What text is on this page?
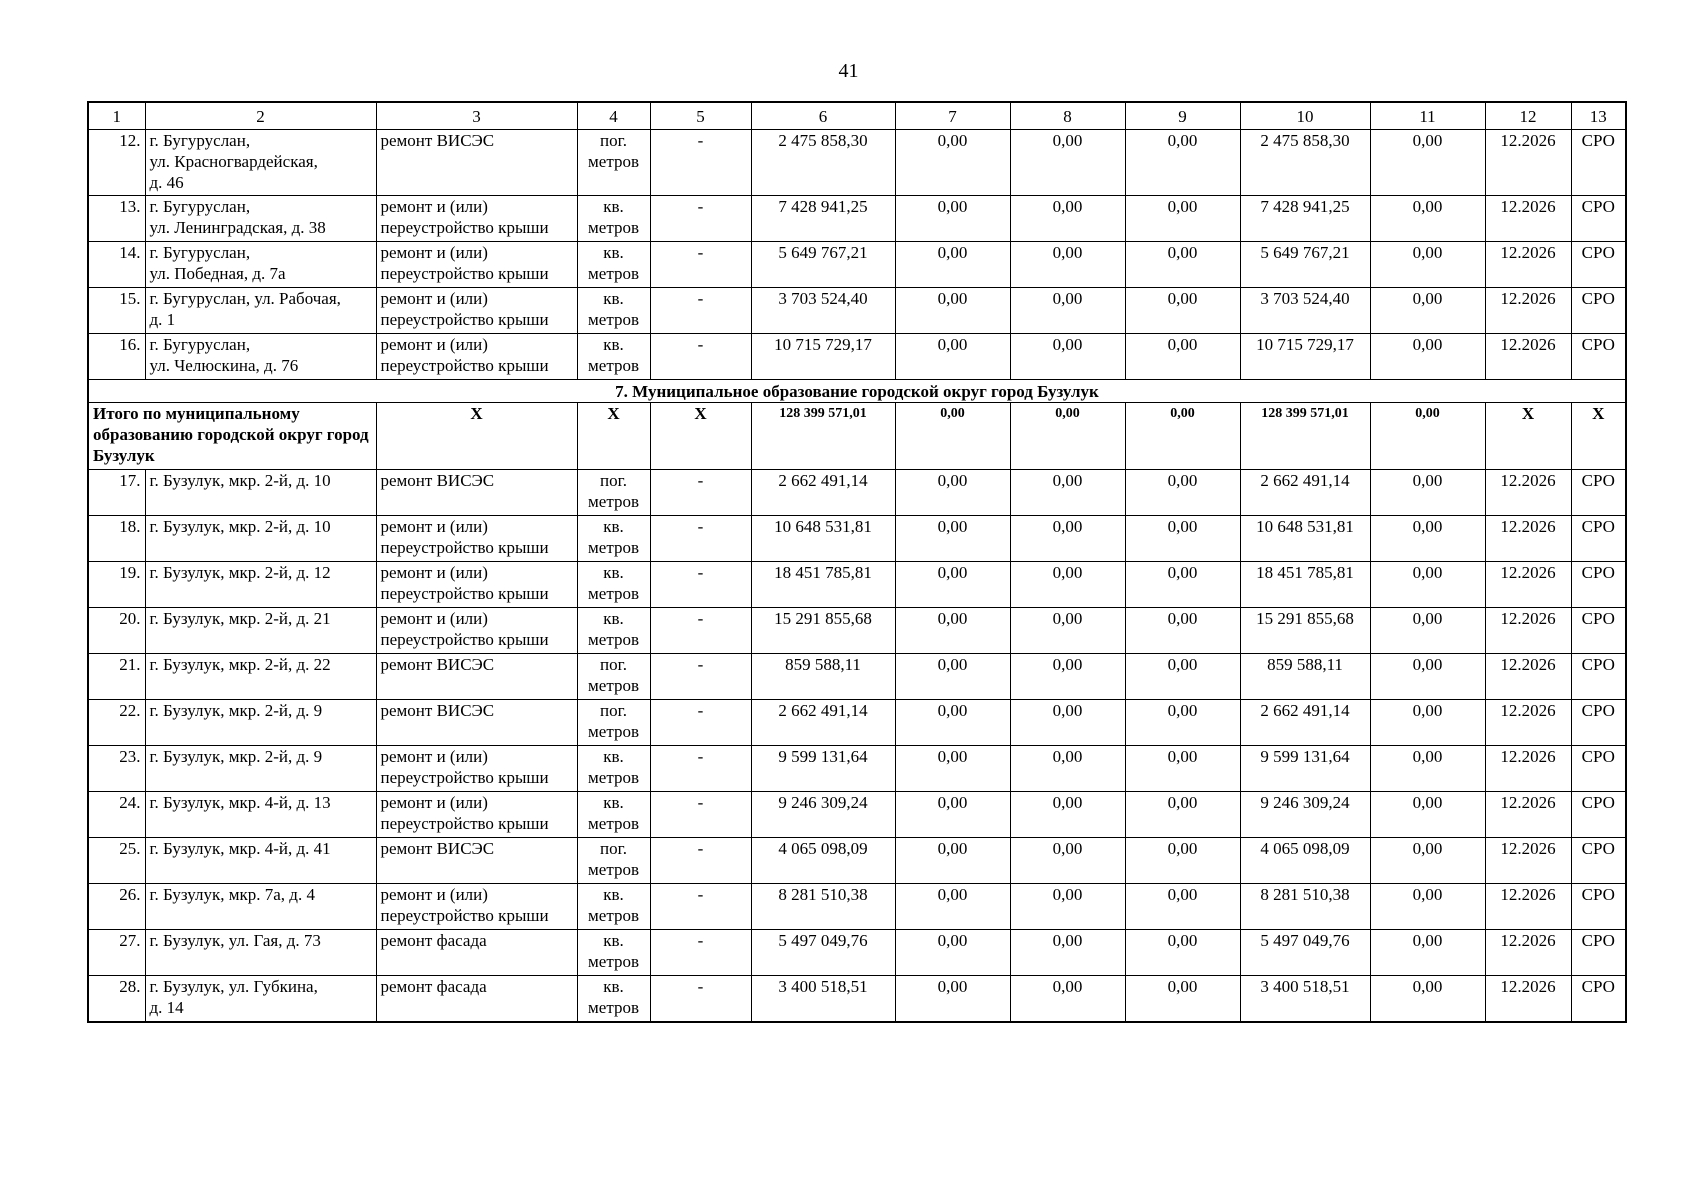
41
1	2	3	4	5	6	7	8	9	10	11	12	13
12.	г. Бугуруслан,
ул. Красногвардейская,
д. 46	ремонт ВИСЭС	пог.
метров	-	2 475 858,30	0,00	0,00	0,00	2 475 858,30	0,00	12.2026	СРО
13.	г. Бугуруслан,
ул. Ленинградская, д. 38	ремонт и (или)
переустройство крыши	кв.
метров	-	7 428 941,25	0,00	0,00	0,00	7 428 941,25	0,00	12.2026	СРО
14.	г. Бугуруслан,
ул. Победная, д. 7а	ремонт и (или)
переустройство крыши	кв.
метров	-	5 649 767,21	0,00	0,00	0,00	5 649 767,21	0,00	12.2026	СРО
15.	г. Бугуруслан, ул. Рабочая,
д. 1	ремонт и (или)
переустройство крыши	кв.
метров	-	3 703 524,40	0,00	0,00	0,00	3 703 524,40	0,00	12.2026	СРО
16.	г. Бугуруслан,
ул. Челюскина, д. 76	ремонт и (или)
переустройство крыши	кв.
метров	-	10 715 729,17	0,00	0,00	0,00	10 715 729,17	0,00	12.2026	СРО
7. Муниципальное образование городской округ город Бузулук												
Итого по муниципальному образованию городской округ город Бузулук		Х	Х	Х	128 399 571,01	0,00	0,00	0,00	128 399 571,01	0,00	Х	Х
17.	г. Бузулук, мкр. 2-й, д. 10	ремонт ВИСЭС	пог.
метров	-	2 662 491,14	0,00	0,00	0,00	2 662 491,14	0,00	12.2026	СРО
18.	г. Бузулук, мкр. 2-й, д. 10	ремонт и (или)
переустройство крыши	кв.
метров	-	10 648 531,81	0,00	0,00	0,00	10 648 531,81	0,00	12.2026	СРО
19.	г. Бузулук, мкр. 2-й, д. 12	ремонт и (или)
переустройство крыши	кв.
метров	-	18 451 785,81	0,00	0,00	0,00	18 451 785,81	0,00	12.2026	СРО
20.	г. Бузулук, мкр. 2-й, д. 21	ремонт и (или)
переустройство крыши	кв.
метров	-	15 291 855,68	0,00	0,00	0,00	15 291 855,68	0,00	12.2026	СРО
21.	г. Бузулук, мкр. 2-й, д. 22	ремонт ВИСЭС	пог.
метров	-	859 588,11	0,00	0,00	0,00	859 588,11	0,00	12.2026	СРО
22.	г. Бузулук, мкр. 2-й, д. 9	ремонт ВИСЭС	пог.
метров	-	2 662 491,14	0,00	0,00	0,00	2 662 491,14	0,00	12.2026	СРО
23.	г. Бузулук, мкр. 2-й, д. 9	ремонт и (или)
переустройство крыши	кв.
метров	-	9 599 131,64	0,00	0,00	0,00	9 599 131,64	0,00	12.2026	СРО
24.	г. Бузулук, мкр. 4-й, д. 13	ремонт и (или)
переустройство крыши	кв.
метров	-	9 246 309,24	0,00	0,00	0,00	9 246 309,24	0,00	12.2026	СРО
25.	г. Бузулук, мкр. 4-й, д. 41	ремонт ВИСЭС	пог.
метров	-	4 065 098,09	0,00	0,00	0,00	4 065 098,09	0,00	12.2026	СРО
26.	г. Бузулук, мкр. 7а, д. 4	ремонт и (или)
переустройство крыши	кв.
метров	-	8 281 510,38	0,00	0,00	0,00	8 281 510,38	0,00	12.2026	СРО
27.	г. Бузулук, ул. Гая, д. 73	ремонт фасада	кв.
метров	-	5 497 049,76	0,00	0,00	0,00	5 497 049,76	0,00	12.2026	СРО
28.	г. Бузулук, ул. Губкина,
д. 14	ремонт фасада	кв.
метров	-	3 400 518,51	0,00	0,00	0,00	3 400 518,51	0,00	12.2026	СРО
